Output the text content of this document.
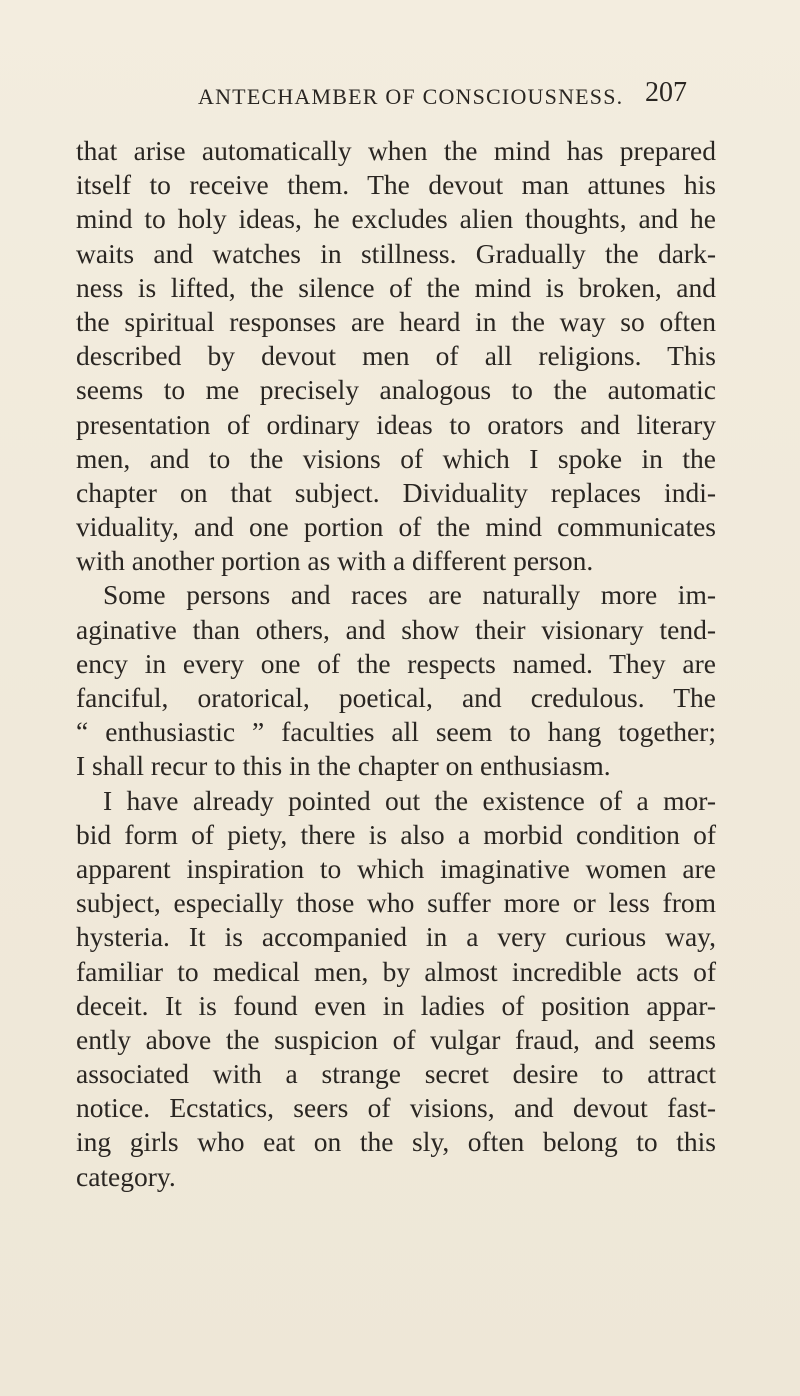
ANTECHAMBER OF CONSCIOUSNESS. 207
that arise automatically when the mind has prepared
itself to receive them. The devout man attunes his
mind to holy ideas, he excludes alien thoughts, and he
waits and watches in stillness. Gradually the dark-
ness is lifted, the silence of the mind is broken, and
the spiritual responses are heard in the way so often
described by devout men of all religions. This
seems to me precisely analogous to the automatic
presentation of ordinary ideas to orators and literary
men, and to the visions of which I spoke in the
chapter on that subject. Dividuality replaces indi-
viduality, and one portion of the mind communicates
with another portion as with a different person.
Some persons and races are naturally more im-
aginative than others, and show their visionary tend-
ency in every one of the respects named. They are
fanciful, oratorical, poetical, and credulous. The
“ enthusiastic ” faculties all seem to hang together;
I shall recur to this in the chapter on enthusiasm.
I have already pointed out the existence of a mor-
bid form of piety, there is also a morbid condition of
apparent inspiration to which imaginative women are
subject, especially those who suffer more or less from
hysteria. It is accompanied in a very curious way,
familiar to medical men, by almost incredible acts of
deceit. It is found even in ladies of position appar-
ently above the suspicion of vulgar fraud, and seems
associated with a strange secret desire to attract
notice. Ecstatics, seers of visions, and devout fast-
ing girls who eat on the sly, often belong to this
category.
